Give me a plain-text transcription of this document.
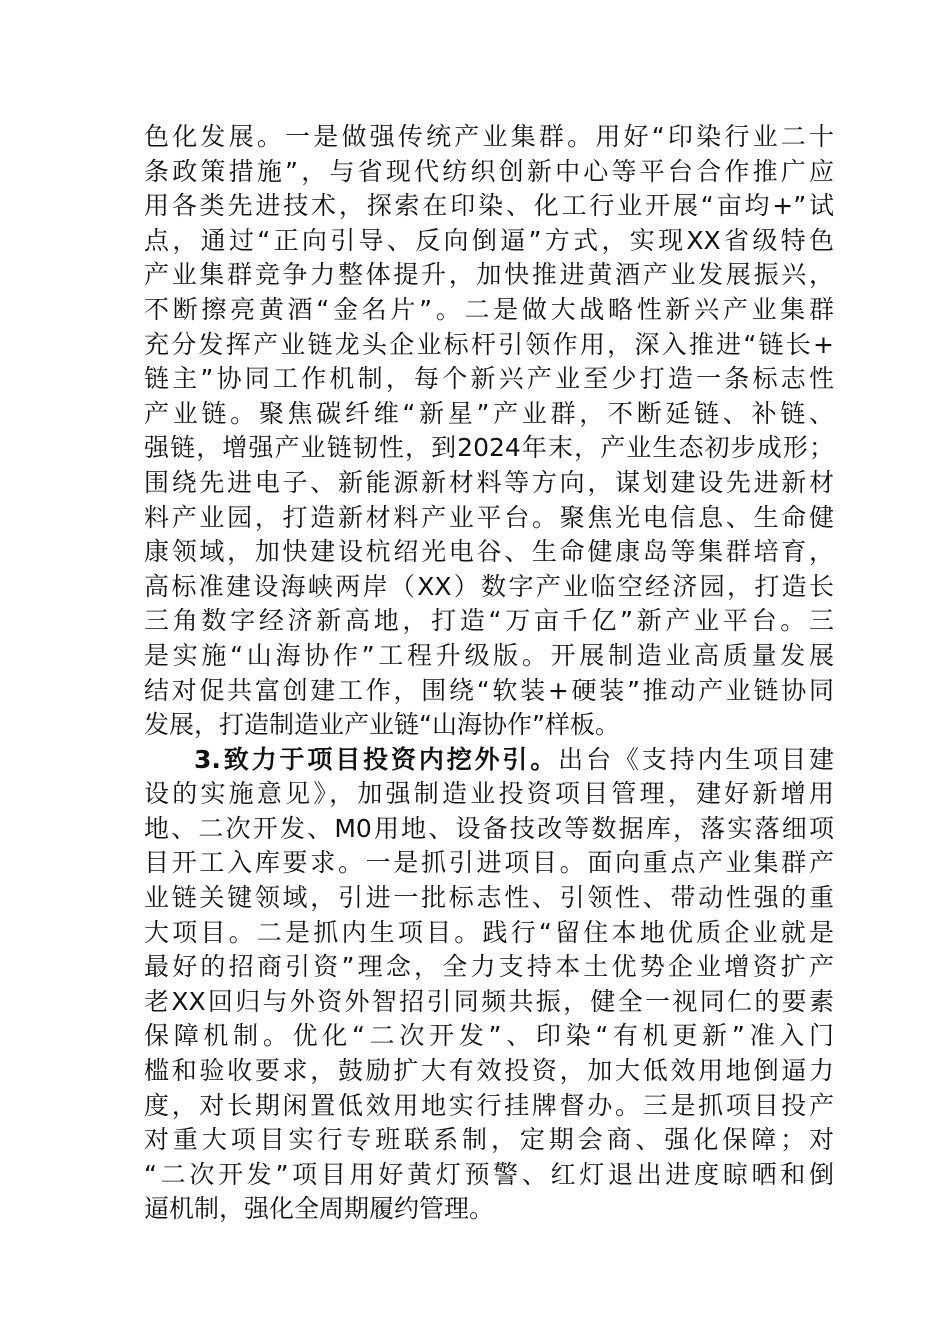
色化发展。一是做强传统产业集群。用好“印染行业二十
条政策措施”，与省现代纺织创新中心等平台合作推广应
用各类先进技术，探索在印染、化工行业开展“亩均+”试
点，通过“正向引导、反向倒逼”方式，实现XX省级特色
产业集群竞争力整体提升，加快推进黄酒产业发展振兴，
不断擦亮黄酒“金名片”。二是做大战略性新兴产业集群
充分发挥产业链龙头企业标杆引领作用，深入推进“链长+
链主”协同工作机制，每个新兴产业至少打造一条标志性
产业链。聚焦碳纤维“新星”产业群，不断延链、补链、
强链，增强产业链韧性，到2024年末，产业生态初步成形；
围绕先进电子、新能源新材料等方向，谋划建设先进新材
料产业园，打造新材料产业平台。聚焦光电信息、生命健
康领域，加快建设杭绍光电谷、生命健康岛等集群培育，
高标准建设海峡两岸（XX）数字产业临空经济园，打造长
三角数字经济新高地，打造“万亩千亿”新产业平台。三
是实施“山海协作”工程升级版。开展制造业高质量发展
结对促共富创建工作，围绕“软装+硬装”推动产业链协同
发展，打造制造业产业链“山海协作”样板。
3.致力于项目投资内挖外引。出台《支持内生项目建
设的实施意见》，加强制造业投资项目管理，建好新增用
地、二次开发、M0用地、设备技改等数据库，落实落细项
目开工入库要求。一是抓引进项目。面向重点产业集群产
业链关键领域，引进一批标志性、引领性、带动性强的重
大项目。二是抓内生项目。践行“留住本地优质企业就是
最好的招商引资”理念，全力支持本土优势企业增资扩产
老XX回归与外资外智招引同频共振，健全一视同仁的要素
保障机制。优化“二次开发”、印染“有机更新”准入门
槛和验收要求，鼓励扩大有效投资，加大低效用地倒逼力
度，对长期闲置低效用地实行挂牌督办。三是抓项目投产
对重大项目实行专班联系制，定期会商、强化保障；对
“二次开发”项目用好黄灯预警、红灯退出进度晾晒和倒
逼机制，强化全周期履约管理。
